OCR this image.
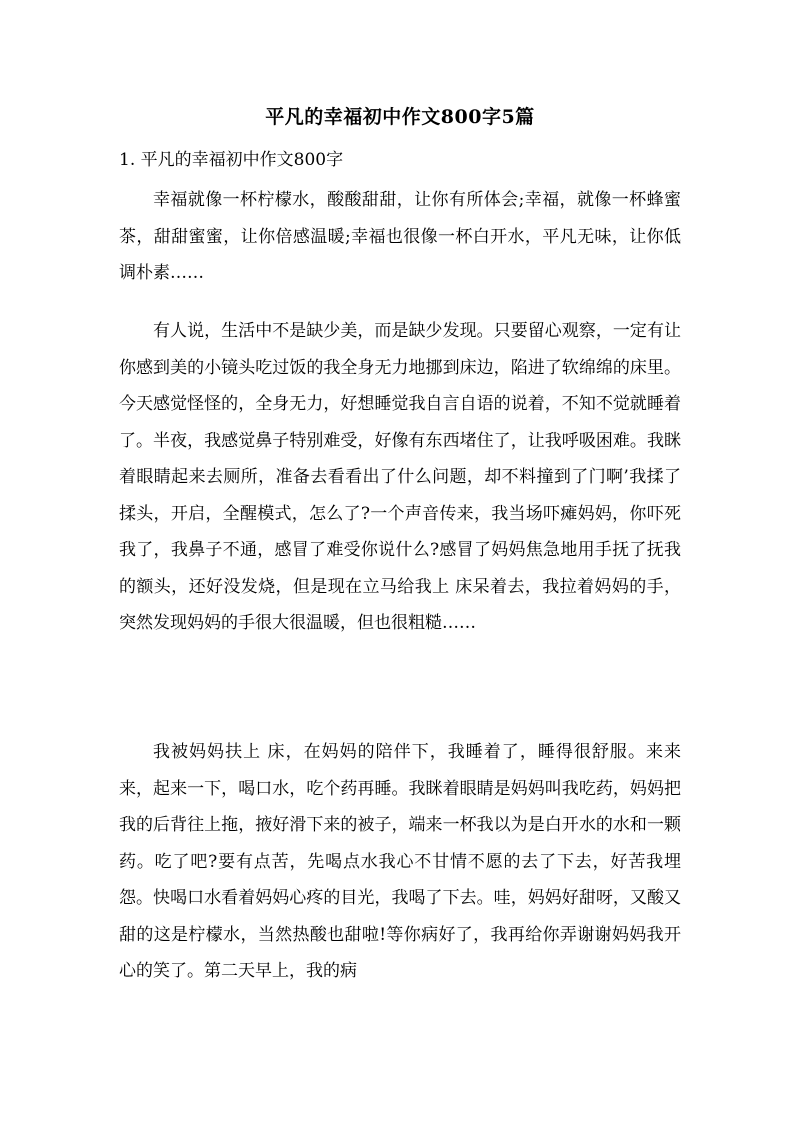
平凡的幸福初中作文800字5篇
1. 平凡的幸福初中作文800字

幸福就像一杯柠檬水，酸酸甜甜，让你有所体会;幸福，就像一杯蜂蜜茶，甜甜蜜蜜，让你倍感温暖;幸福也很像一杯白开水，平凡无味，让你低调朴素……

有人说，生活中不是缺少美，而是缺少发现。只要留心观察，一定有让你感到美的小镜头吃过饭的我全身无力地挪到床边，陷进了软绵绵的床里。今天感觉怪怪的，全身无力，好想睡觉我自言自语的说着，不知不觉就睡着了。半夜，我感觉鼻子特别难受，好像有东西堵住了，让我呼吸困难。我眯着眼睛起来去厕所，准备去看看出了什么问题，却不料撞到了门啊’我揉了揉头，开启，全醒模式，怎么了?一个声音传来，我当场吓瘫妈妈，你吓死我了，我鼻子不通，感冒了难受你说什么?感冒了妈妈焦急地用手抚了抚我的额头，还好没发烧，但是现在立马给我上 床呆着去，我拉着妈妈的手，突然发现妈妈的手很大很温暖，但也很粗糙……

我被妈妈扶上 床，在妈妈的陪伴下，我睡着了，睡得很舒服。来来来，起来一下，喝口水，吃个药再睡。我眯着眼睛是妈妈叫我吃药，妈妈把我的后背往上拖，掖好滑下来的被子，端来一杯我以为是白开水的水和一颗药。吃了吧?要有点苦，先喝点水我心不甘情不愿的去了下去，好苦我埋怨。快喝口水看着妈妈心疼的目光，我喝了下去。哇，妈妈好甜呀，又酸又甜的这是柠檬水，当然热酸也甜啦!等你病好了，我再给你弄谢谢妈妈我开心的笑了。第二天早上，我的病
